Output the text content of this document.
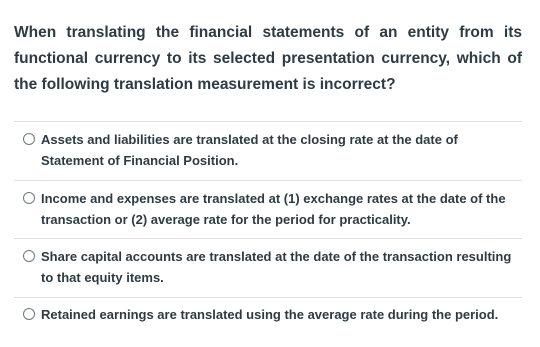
When translating the financial statements of an entity from its functional currency to its selected presentation currency, which of the following translation measurement is incorrect?
Assets and liabilities are translated at the closing rate at the date of Statement of Financial Position.
Income and expenses are translated at (1) exchange rates at the date of the transaction or (2) average rate for the period for practicality.
Share capital accounts are translated at the date of the transaction resulting to that equity items.
Retained earnings are translated using the average rate during the period.
